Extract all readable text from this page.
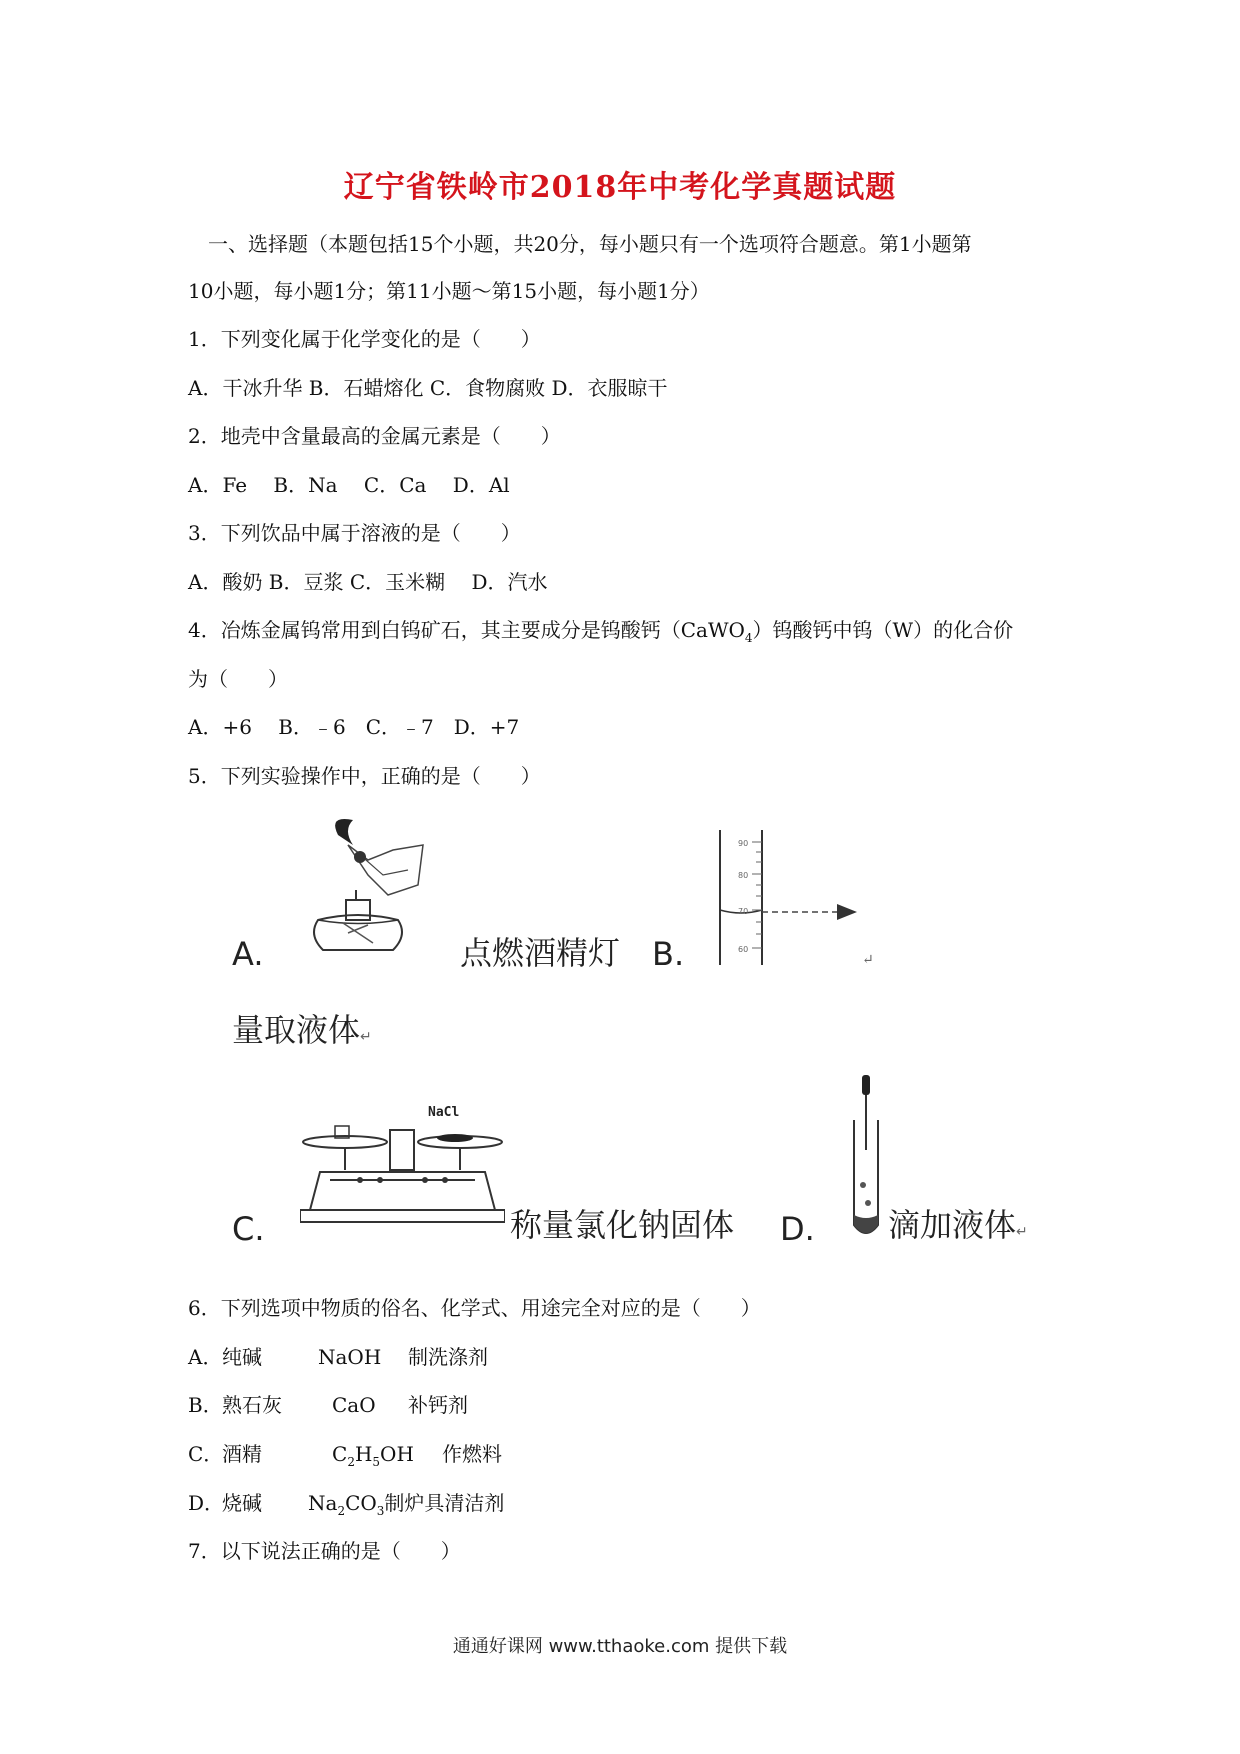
辽宁省铁岭市2018年中考化学真题试题
一、选择题（本题包括15个小题，共20分，每小题只有一个选项符合题意。第1小题第
10小题，每小题1分；第11小题～第15小题，每小题1分）
1．下列变化属于化学变化的是（　　）
A．干冰升华 B．石蜡熔化 C．食物腐败 D．衣服晾干
2．地壳中含量最高的金属元素是（　　）
A．Fe　 B．Na　 C．Ca　 D．Al
3．下列饮品中属于溶液的是（　　）
A．酸奶 B．豆浆 C．玉米糊　 D．汽水
4．冶炼金属钨常用到白钨矿石，其主要成分是钨酸钙（CaWO$_4$）钨酸钙中钨（W）的化合价
为（　　）
A．+6　 B．﹣6　C．﹣7　D．+7
5．下列实验操作中，正确的是（　　）
A.	点燃酒精灯 B.
90
80
70
60
↵
量取液体↵
C.
NaCl
称量氯化钠固体 D. 滴加液体↵
6．下列选项中物质的俗名、化学式、用途完全对应的是（　　）
A．纯碱	NaOH 制洗涤剂
B．熟石灰	CaO 补钙剂
C．酒精	$C_2H_5OH$ 作燃料
D．烧碱 $Na_2CO_3$制炉具清洁剂
7．以下说法正确的是（　　）
通通好课网 www.tthaoke.com 提供下载
